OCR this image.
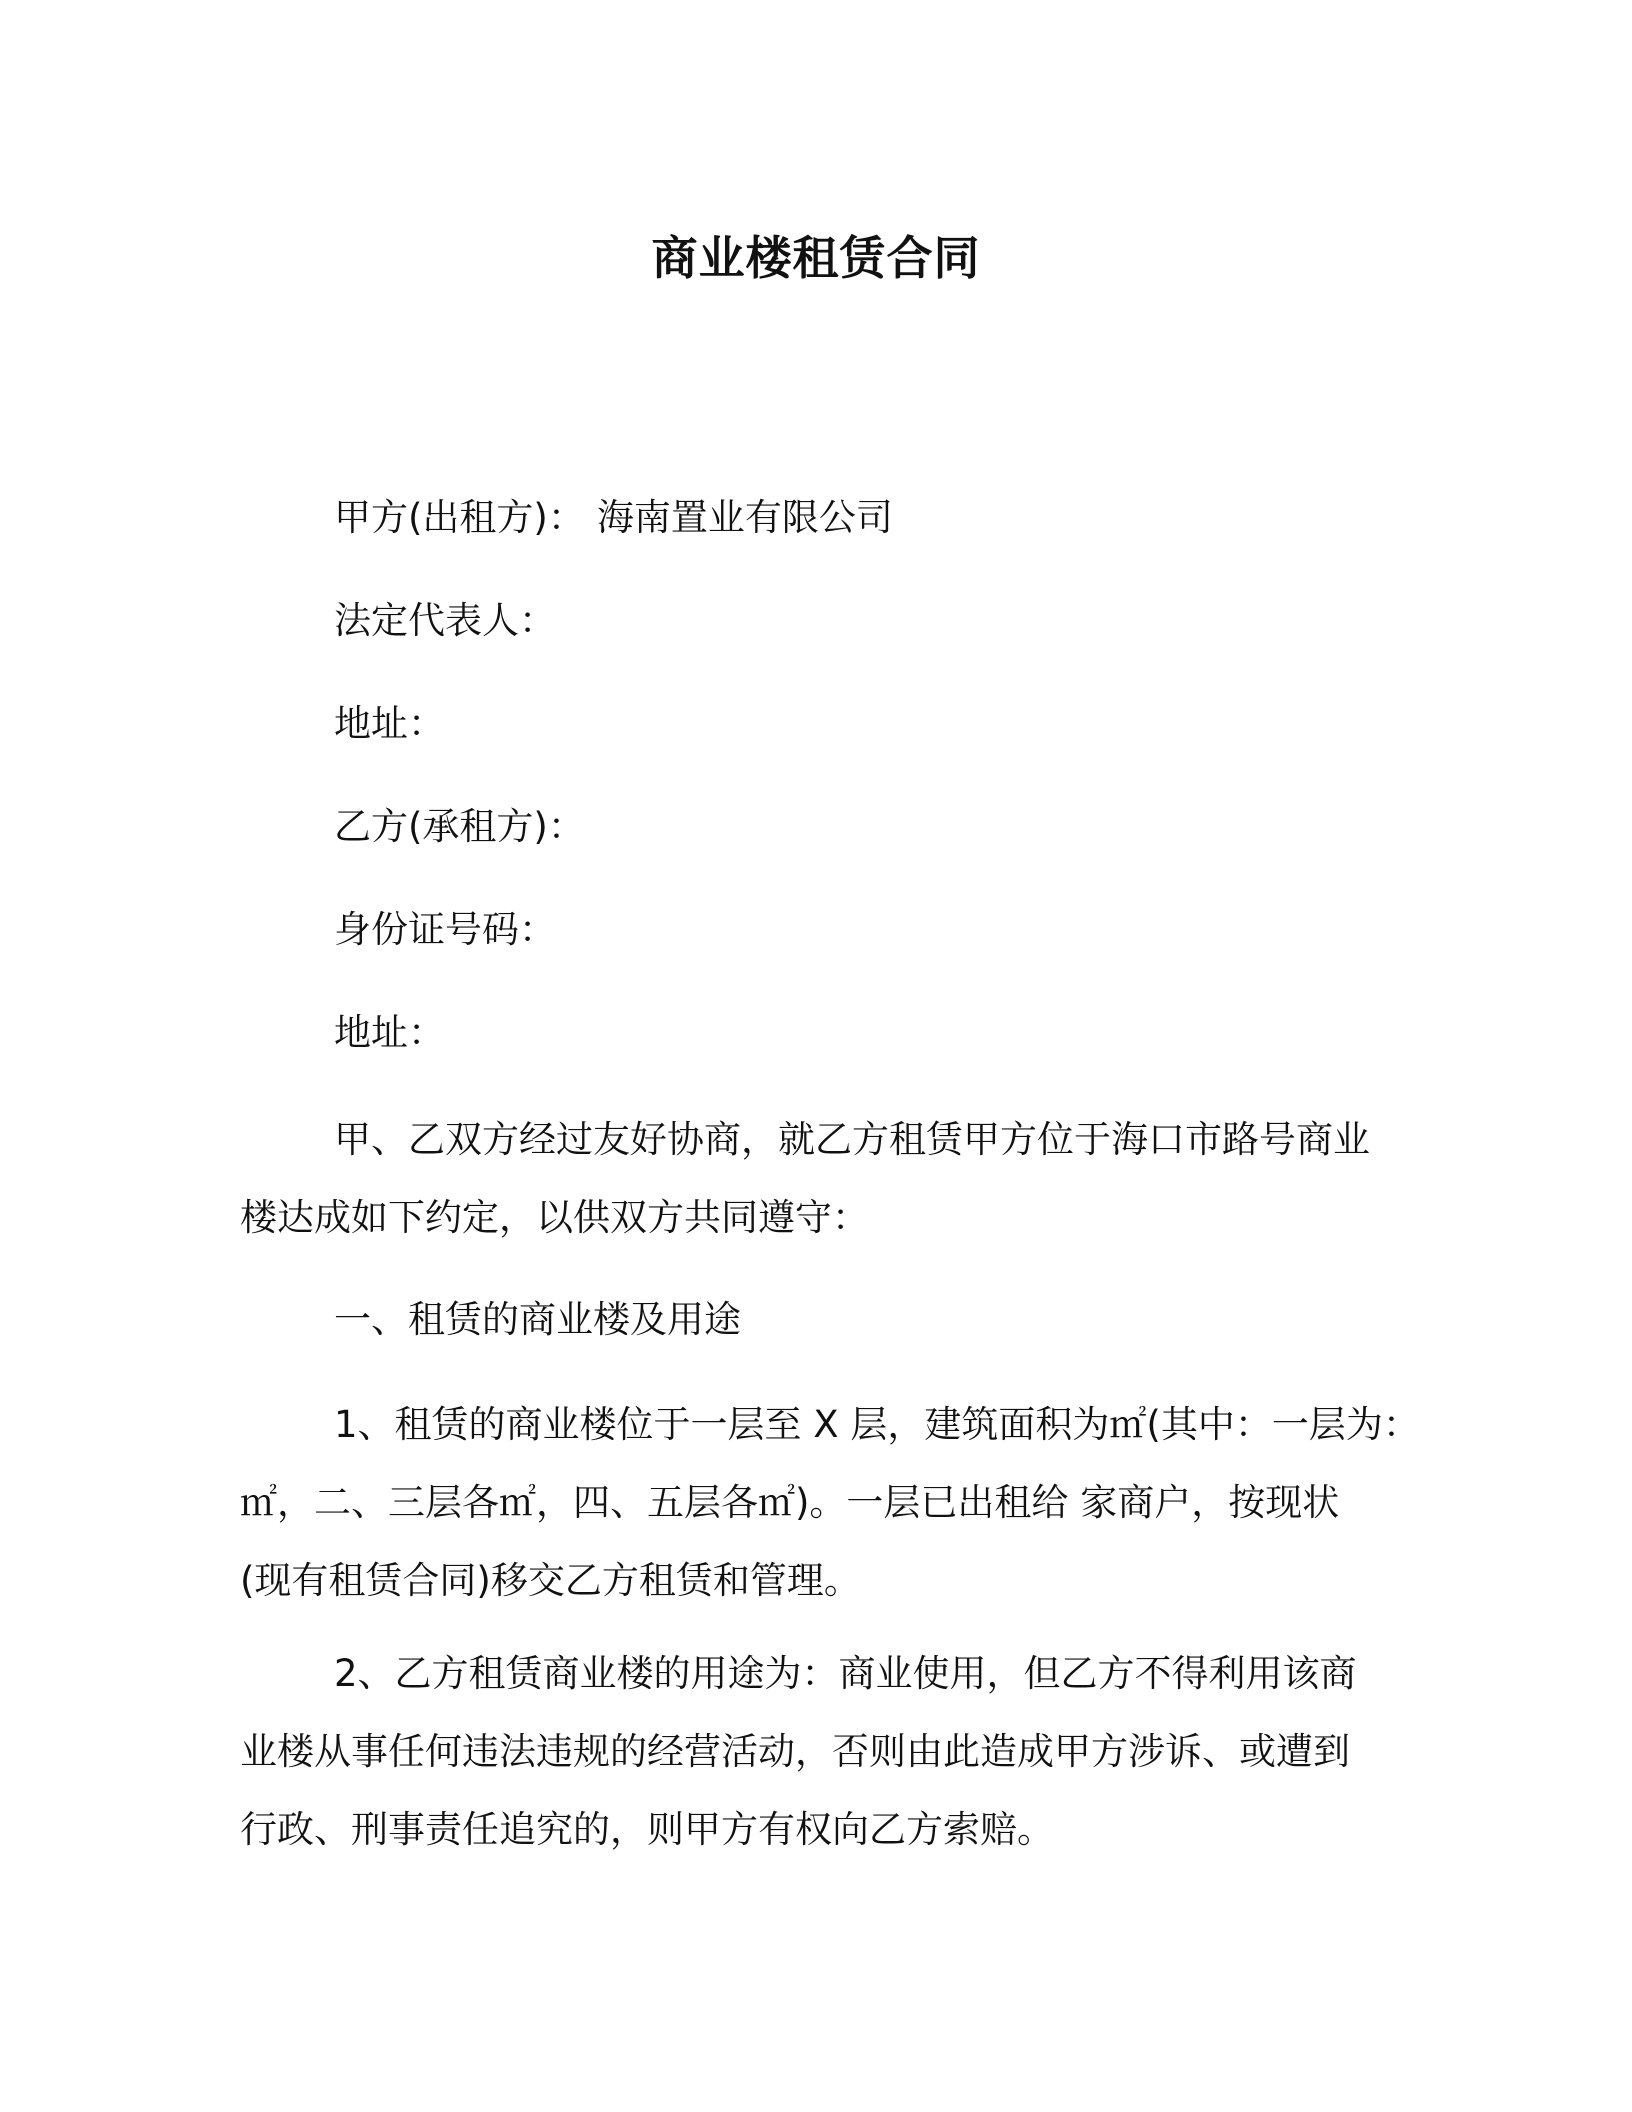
商业楼租赁合同
甲方(出租方)： 海南置业有限公司
法定代表人：
地址：
乙方(承租方)：
身份证号码：
地址：
甲、乙双方经过友好协商，就乙方租赁甲方位于海口市路号商业
楼达成如下约定，以供双方共同遵守：
一、租赁的商业楼及用途
1、租赁的商业楼位于一层至 X 层，建筑面积为㎡(其中：一层为：
㎡，二、三层各㎡，四、五层各㎡)。一层已出租给 家商户，按现状
(现有租赁合同)移交乙方租赁和管理。
2、乙方租赁商业楼的用途为：商业使用，但乙方不得利用该商
业楼从事任何违法违规的经营活动，否则由此造成甲方涉诉、或遭到
行政、刑事责任追究的，则甲方有权向乙方索赔。
